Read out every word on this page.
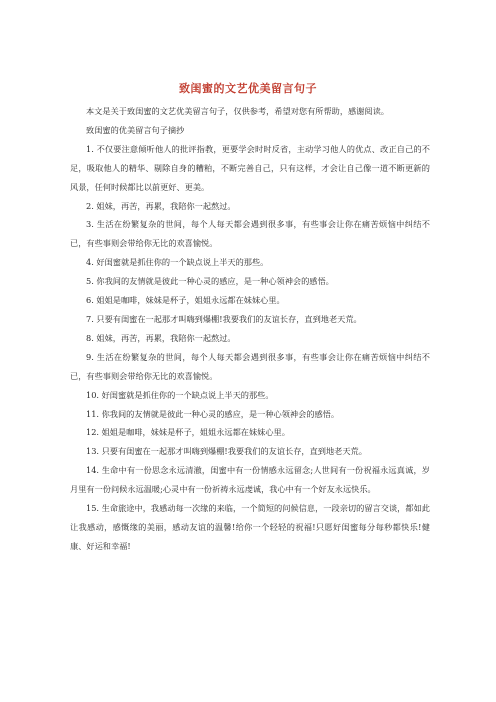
致闺蜜的文艺优美留言句子

本文是关于致闺蜜的文艺优美留言句子，仅供参考，希望对您有所帮助，感谢阅读。

致闺蜜的优美留言句子摘抄

1. 不仅要注意倾听他人的批评指教，更要学会时时反省，主动学习他人的优点、改正自己的不足，吸取他人的精华、剔除自身的糟粕，不断完善自己，只有这样，才会让自己像一道不断更新的风景，任何时候都比以前更好、更美。

2. 姐妹，再苦，再累，我陪你一起熬过。

3. 生活在纷繁复杂的世间，每个人每天都会遇到很多事，有些事会让你在痛苦烦恼中纠结不已，有些事则会带给你无比的欢喜愉悦。

4. 好闺蜜就是抓住你的一个缺点说上半天的那些。

5. 你我间的友情就是彼此一种心灵的感应，是一种心领神会的感悟。

6. 姐姐是咖啡，妹妹是杯子，姐姐永远都在妹妹心里。

7. 只要有闺蜜在一起那才叫嗨到爆棚!我要我们的友谊长存，直到地老天荒。

8. 姐妹，再苦，再累，我陪你一起熬过。

9. 生活在纷繁复杂的世间，每个人每天都会遇到很多事，有些事会让你在痛苦烦恼中纠结不已，有些事则会带给你无比的欢喜愉悦。

10. 好闺蜜就是抓住你的一个缺点说上半天的那些。

11. 你我间的友情就是彼此一种心灵的感应，是一种心领神会的感悟。

12. 姐姐是咖啡，妹妹是杯子，姐姐永远都在妹妹心里。

13. 只要有闺蜜在一起那才叫嗨到爆棚!我要我们的友谊长存，直到地老天荒。

14. 生命中有一份思念永远清澈，闺蜜中有一份情感永远留念;人世间有一份祝福永远真诚，岁月里有一份问候永远温暖;心灵中有一份祈祷永远虔诚，我心中有一个好友永远快乐。

15. 生命旅途中，我感动每一次缘的来临，一个简短的问候信息，一段亲切的留言交谈，都如此让我感动，感慨缘的美丽，感动友谊的温馨!给你一个轻轻的祝福!只愿好闺蜜每分每秒都快乐!健康、好运和幸福!
